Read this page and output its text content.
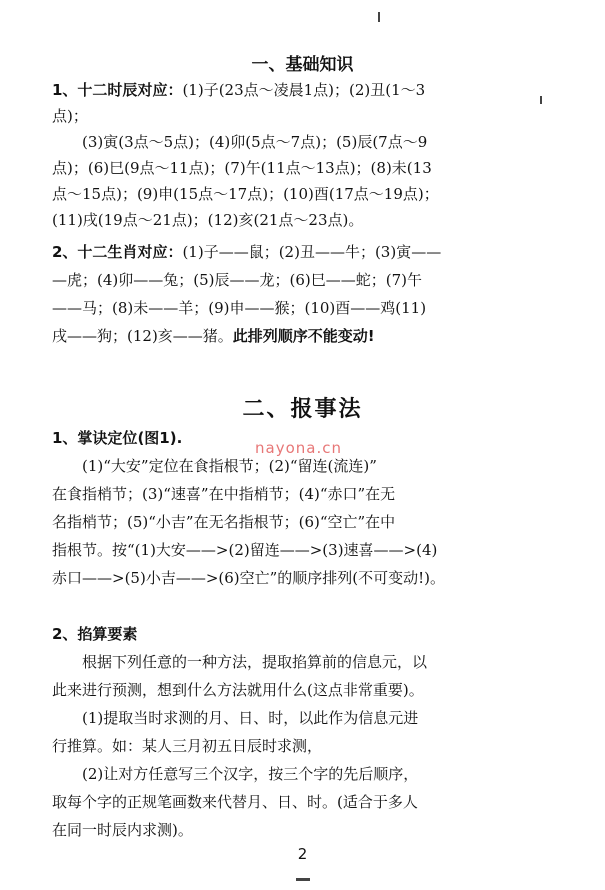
一、基础知识
1、十二时辰对应：(1)子(23点～凌晨1点)；(2)丑(1～3
点)；
(3)寅(3点～5点)；(4)卯(5点～7点)；(5)辰(7点～9
点)；(6)巳(9点～11点)；(7)午(11点～13点)；(8)未(13
点～15点)；(9)申(15点～17点)；(10)酉(17点～19点)；
(11)戌(19点～21点)；(12)亥(21点～23点)。
2、十二生肖对应：(1)子——鼠；(2)丑——牛；(3)寅——
—虎；(4)卯——兔；(5)辰——龙；(6)巳——蛇；(7)午
——马；(8)未——羊；(9)申——猴；(10)酉——鸡(11)
戌——狗；(12)亥——猪。此排列顺序不能变动!
二、报事法
1、掌诀定位(图1).
nayona.cn
(1)“大安”定位在食指根节；(2)“留连(流连)”
在食指梢节；(3)“速喜”在中指梢节；(4)“赤口”在无
名指梢节；(5)“小吉”在无名指根节；(6)“空亡”在中
指根节。按“(1)大安——>(2)留连——>(3)速喜——>(4)
赤口——>(5)小吉——>(6)空亡”的顺序排列(不可变动!)。
2、掐算要素
根据下列任意的一种方法，提取掐算前的信息元，以
此来进行预测，想到什么方法就用什么(这点非常重要)。
(1)提取当时求测的月、日、时，以此作为信息元进
行推算。如：某人三月初五日辰时求测，
(2)让对方任意写三个汉字，按三个字的先后顺序，
取每个字的正规笔画数来代替月、日、时。(适合于多人
在同一时辰内求测)。
2
